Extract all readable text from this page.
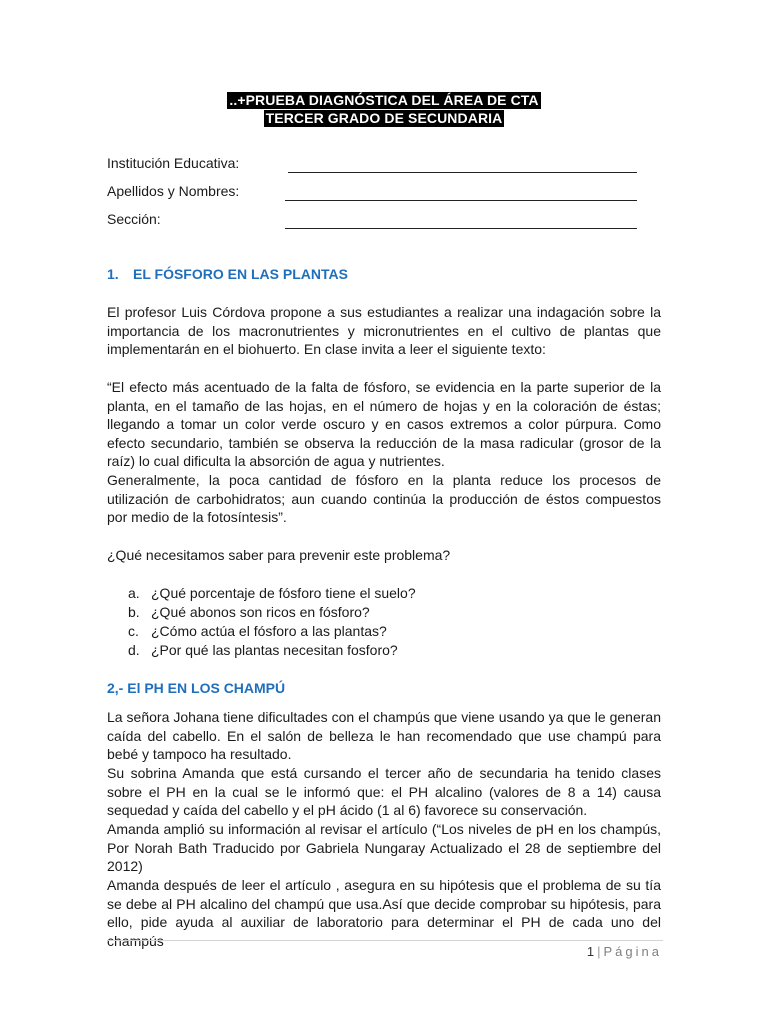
..+PRUEBA DIAGNÓSTICA DEL ÁREA DE CTA
TERCER GRADO DE SECUNDARIA
Institución Educativa:
Apellidos y Nombres:
Sección:
1. EL FÓSFORO EN LAS PLANTAS

El profesor Luis Córdova propone a sus estudiantes a realizar una indagación sobre la importancia de los macronutrientes y micronutrientes en el cultivo de plantas que implementarán en el biohuerto. En clase invita a leer el siguiente texto:

“El efecto más acentuado de la falta de fósforo, se evidencia en la parte superior de la planta, en el tamaño de las hojas, en el número de hojas y en la coloración de éstas; llegando a tomar un color verde oscuro y en casos extremos a color púrpura. Como efecto secundario, también se observa la reducción de la masa radicular (grosor de la raíz) lo cual dificulta la absorción de agua y nutrientes.

Generalmente, la poca cantidad de fósforo en la planta reduce los procesos de utilización de carbohidratos; aun cuando continúa la producción de éstos compuestos por medio de la fotosíntesis”.

¿Qué necesitamos saber para prevenir este problema?

a. ¿Qué porcentaje de fósforo tiene el suelo?
b. ¿Qué abonos son ricos en fósforo?
c. ¿Cómo actúa el fósforo a las plantas?
d. ¿Por qué las plantas necesitan fosforo?
2,- El PH EN LOS CHAMPÚ

La señora Johana tiene dificultades con el champús que viene usando ya que le generan caída del cabello. En el salón de belleza le han recomendado que use champú para bebé y tampoco ha resultado.

Su sobrina Amanda que está cursando el tercer año de secundaria ha tenido clases sobre el PH en la cual se le informó que: el PH alcalino (valores de 8 a 14) causa sequedad y caída del cabello y el pH ácido (1 al 6) favorece su conservación.

Amanda amplió su información al revisar el artículo (“Los niveles de pH en los champús, Por Norah Bath Traducido por Gabriela Nungaray Actualizado el 28 de septiembre del 2012)

Amanda después de leer el artículo , asegura en su hipótesis que el problema de su tía se debe al PH alcalino del champú que usa.Así que decide comprobar su hipótesis, para ello, pide ayuda al auxiliar de laboratorio para determinar el PH de cada uno del champús

1 | Página
